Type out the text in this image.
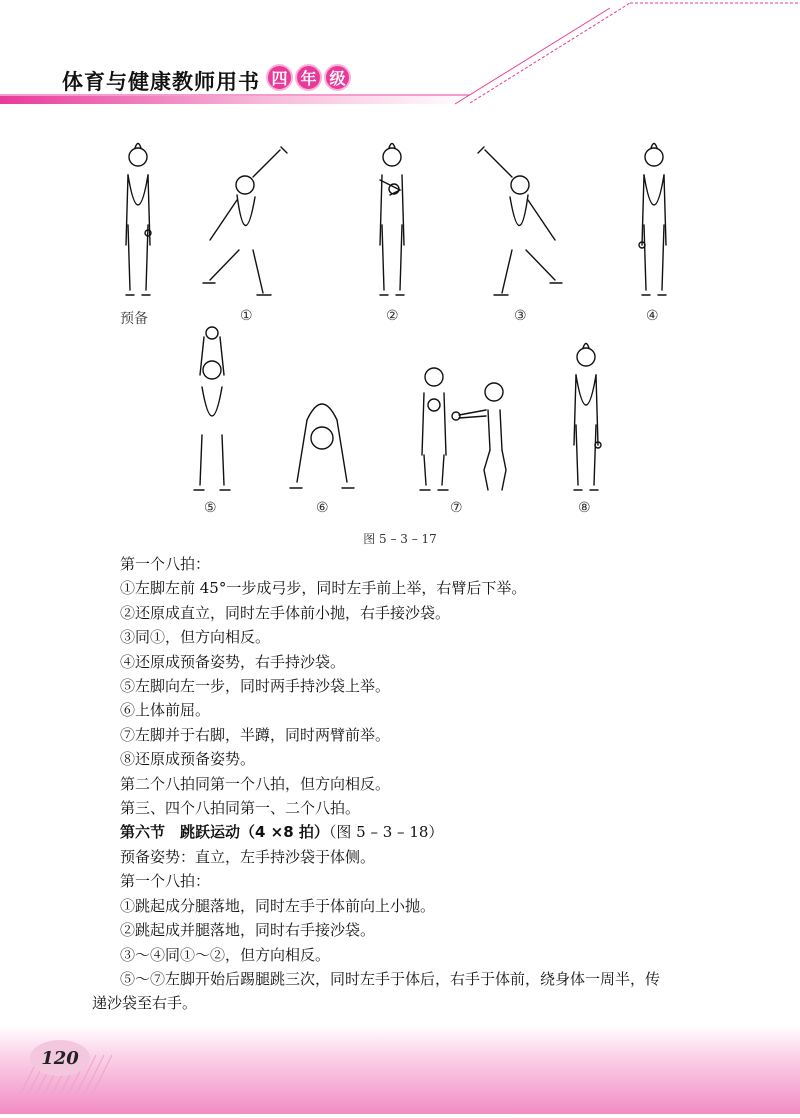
体育与健康教师用书 四 年 级
预备	①	②	③	④
⑤	⑥	⑦	⑧
图 5 – 3 – 17

第一个八拍：

①左脚左前 45°一步成弓步，同时左手前上举，右臂后下举。

②还原成直立，同时左手体前小抛，右手接沙袋。

③同①，但方向相反。

④还原成预备姿势，右手持沙袋。

⑤左脚向左一步，同时两手持沙袋上举。

⑥上体前屈。

⑦左脚并于右脚，半蹲，同时两臂前举。

⑧还原成预备姿势。

第二个八拍同第一个八拍，但方向相反。

第三、四个八拍同第一、二个八拍。

第六节　跳跃运动（4 ×8 拍）（图 5 – 3 – 18）

预备姿势：直立，左手持沙袋于体侧。

第一个八拍：

①跳起成分腿落地，同时左手于体前向上小抛。

②跳起成并腿落地，同时右手接沙袋。

③～④同①～②，但方向相反。

⑤～⑦左脚开始后踢腿跳三次，同时左手于体后，右手于体前，绕身体一周半，传

递沙袋至右手。

120
